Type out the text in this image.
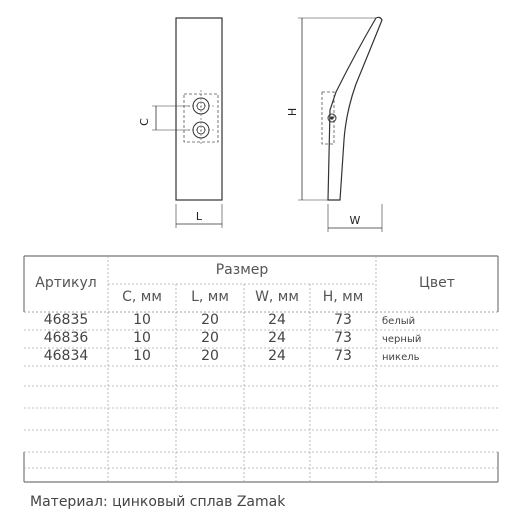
C
L
H
W
Артикул
Размер
Цвет
C, мм	L, мм	W, мм	H, мм
46835	10	20	24	73	белый
46836	10	20	24	73	черный
46834	10	20	24	73	никель
Материал: цинковый сплав Zamak
